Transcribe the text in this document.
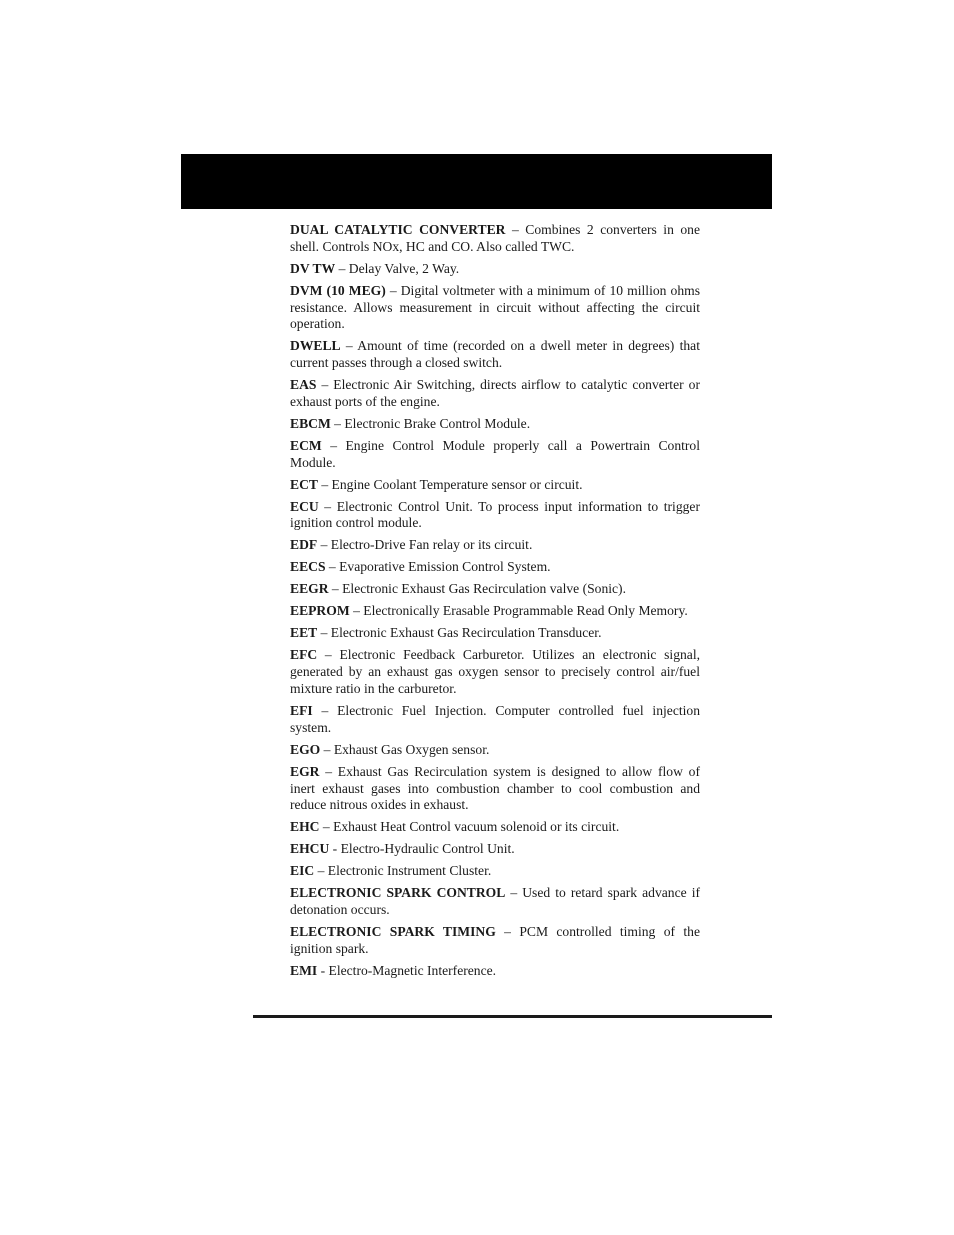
DUAL CATALYTIC CONVERTER – Combines 2 converters in one shell. Controls NOx, HC and CO. Also called TWC.

DV TW – Delay Valve, 2 Way.

DVM (10 MEG) – Digital voltmeter with a minimum of 10 million ohms resistance. Allows measurement in circuit without affecting the circuit operation.

DWELL – Amount of time (recorded on a dwell meter in degrees) that current passes through a closed switch.

EAS – Electronic Air Switching, directs airflow to catalytic converter or exhaust ports of the engine.

EBCM – Electronic Brake Control Module.

ECM – Engine Control Module properly call a Powertrain Control Module.

ECT – Engine Coolant Temperature sensor or circuit.

ECU – Electronic Control Unit. To process input information to trigger ignition control module.

EDF – Electro-Drive Fan relay or its circuit.

EECS – Evaporative Emission Control System.

EEGR – Electronic Exhaust Gas Recirculation valve (Sonic).

EEPROM – Electronically Erasable Programmable Read Only Memory.

EET – Electronic Exhaust Gas Recirculation Transducer.

EFC – Electronic Feedback Carburetor. Utilizes an electronic signal, generated by an exhaust gas oxygen sensor to precisely control air/fuel mixture ratio in the carburetor.

EFI – Electronic Fuel Injection. Computer controlled fuel injection system.

EGO – Exhaust Gas Oxygen sensor.

EGR – Exhaust Gas Recirculation system is designed to allow flow of inert exhaust gases into combustion chamber to cool combustion and reduce nitrous oxides in exhaust.

EHC – Exhaust Heat Control vacuum solenoid or its circuit.

EHCU - Electro-Hydraulic Control Unit.

EIC – Electronic Instrument Cluster.

ELECTRONIC SPARK CONTROL – Used to retard spark advance if detonation occurs.

ELECTRONIC SPARK TIMING – PCM controlled timing of the ignition spark.

EMI - Electro-Magnetic Interference.
